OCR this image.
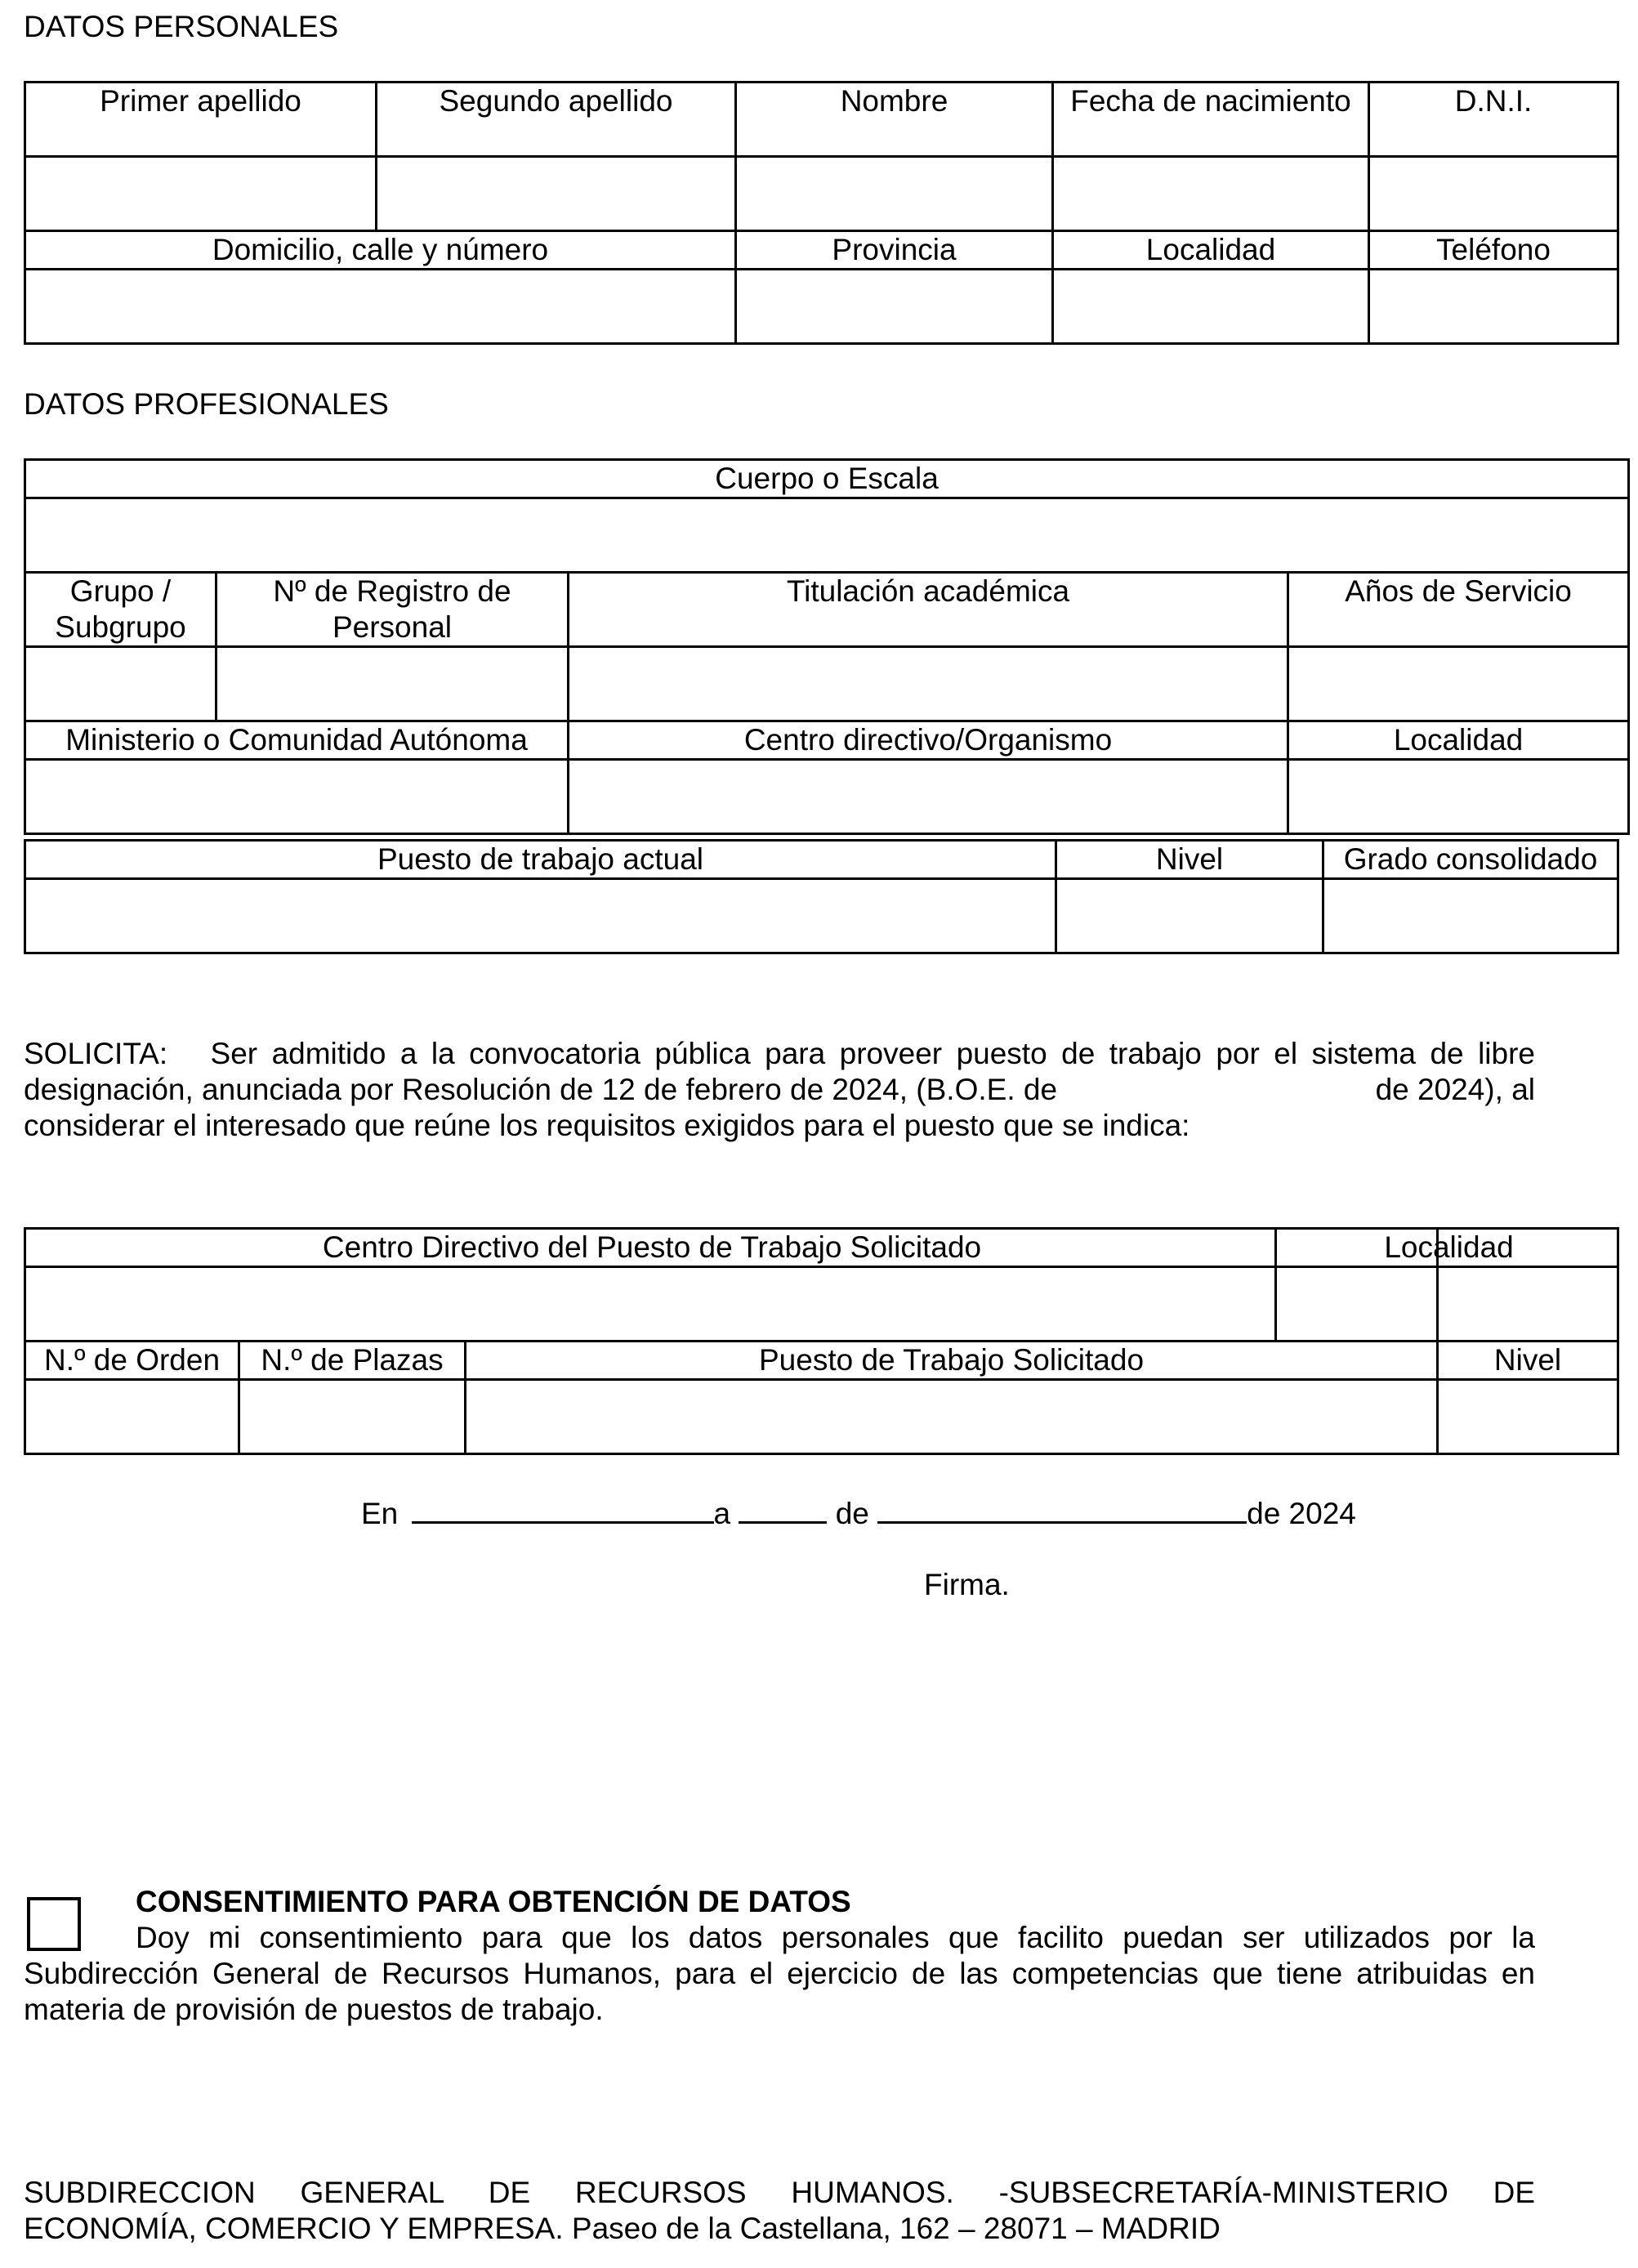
DATOS PERSONALES
Primer apellido	Segundo apellido	Nombre	Fecha de nacimiento	D.N.I.

Domicilio, calle y número		Provincia	Localidad	Teléfono

DATOS PROFESIONALES
Cuerpo o Escala			

Grupo / Subgrupo	Nº de Registro de Personal	Titulación académica	Años de Servicio

Ministerio o Comunidad Autónoma		Centro directivo/Organismo	Localidad

Puesto de trabajo actual	Nivel	Grado consolidado

SOLICITA: Ser admitido a la convocatoria pública para proveer puesto de trabajo por el sistema de libre
designación, anunciada por Resolución de 12 de febrero de 2024, (B.O.E. de	de 2024), al
considerar el interesado que reúne los requisitos exigidos para el puesto que se indica:
Centro Directivo del Puesto de Trabajo Solicitado			Localidad

N.º de Orden	N.º de Plazas	Puesto de Trabajo Solicitado	Nivel

En	a	de	de 2024
Firma.
CONSENTIMIENTO PARA OBTENCIÓN DE DATOS
Doy mi consentimiento para que los datos personales que facilito puedan ser utilizados por la
Subdirección General de Recursos Humanos, para el ejercicio de las competencias que tiene atribuidas en
materia de provisión de puestos de trabajo.
SUBDIRECCION GENERAL DE RECURSOS HUMANOS. -SUBSECRETARÍA-MINISTERIO DE
ECONOMÍA, COMERCIO Y EMPRESA. Paseo de la Castellana, 162 – 28071 – MADRID
